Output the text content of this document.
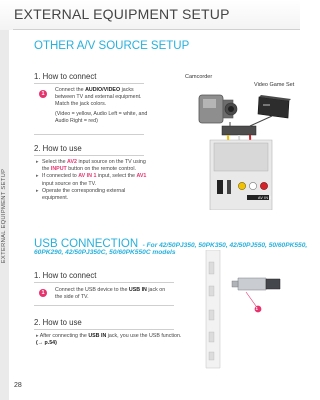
EXTERNAL EQUIPMENT SETUP
EXTERNAL EQUIPMENT SETUP
OTHER A/V SOURCE SETUP
1. How to connect
1
Connect the AUDIO/VIDEO jacks between TV and external equipment. Match the jack colors.
(Video = yellow, Audio Left = white, and Audio Right = red)
2. How to use
▸ Select the AV2 input source on the TV using the INPUT button on the remote control.
▸ If connected to AV IN 1 input, select the AV1 input source on the TV.
▸ Operate the corresponding external equipment.
Camcorder
Video Game Set
AV IN 2
USB CONNECTION - For 42/50PJ350, 50PK350, 42/50PJ550, 50/60PK550,
60PK290, 42/50PJ350C, 50/60PK550C models
1. How to connect
1	Connect the USB device to the USB IN jack on the side of TV.
2. How to use
▸ After connecting the USB IN jack, you use the USB function. (→ p.54)
1
28
